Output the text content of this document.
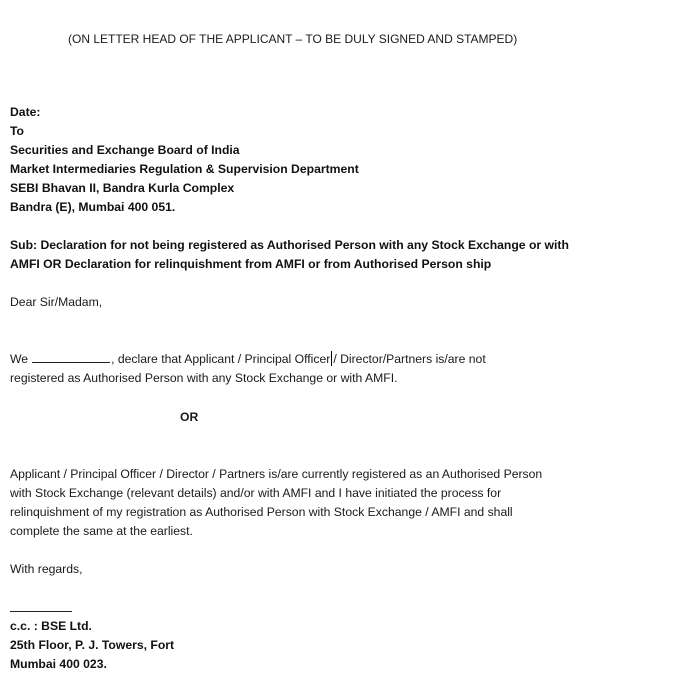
(ON LETTER HEAD OF THE APPLICANT – TO BE DULY SIGNED AND STAMPED)
Date:
To
Securities and Exchange Board of India
Market Intermediaries Regulation & Supervision Department
SEBI Bhavan II, Bandra Kurla Complex
Bandra (E), Mumbai 400 051.
Sub: Declaration for not being registered as Authorised Person with any Stock Exchange or with
AMFI OR Declaration for relinquishment from AMFI or from Authorised Person ship
Dear Sir/Madam,
We	, declare that Applicant / Principal Officer / Director/Partners is/are not
registered as Authorised Person with any Stock Exchange or with AMFI.
OR
Applicant / Principal Officer / Director / Partners is/are currently registered as an Authorised Person
with Stock Exchange (relevant details) and/or with AMFI and I have initiated the process for
relinquishment of my registration as Authorised Person with Stock Exchange / AMFI and shall
complete the same at the earliest.
With regards,
c.c. : BSE Ltd.
25th Floor, P. J. Towers, Fort
Mumbai 400 023.
